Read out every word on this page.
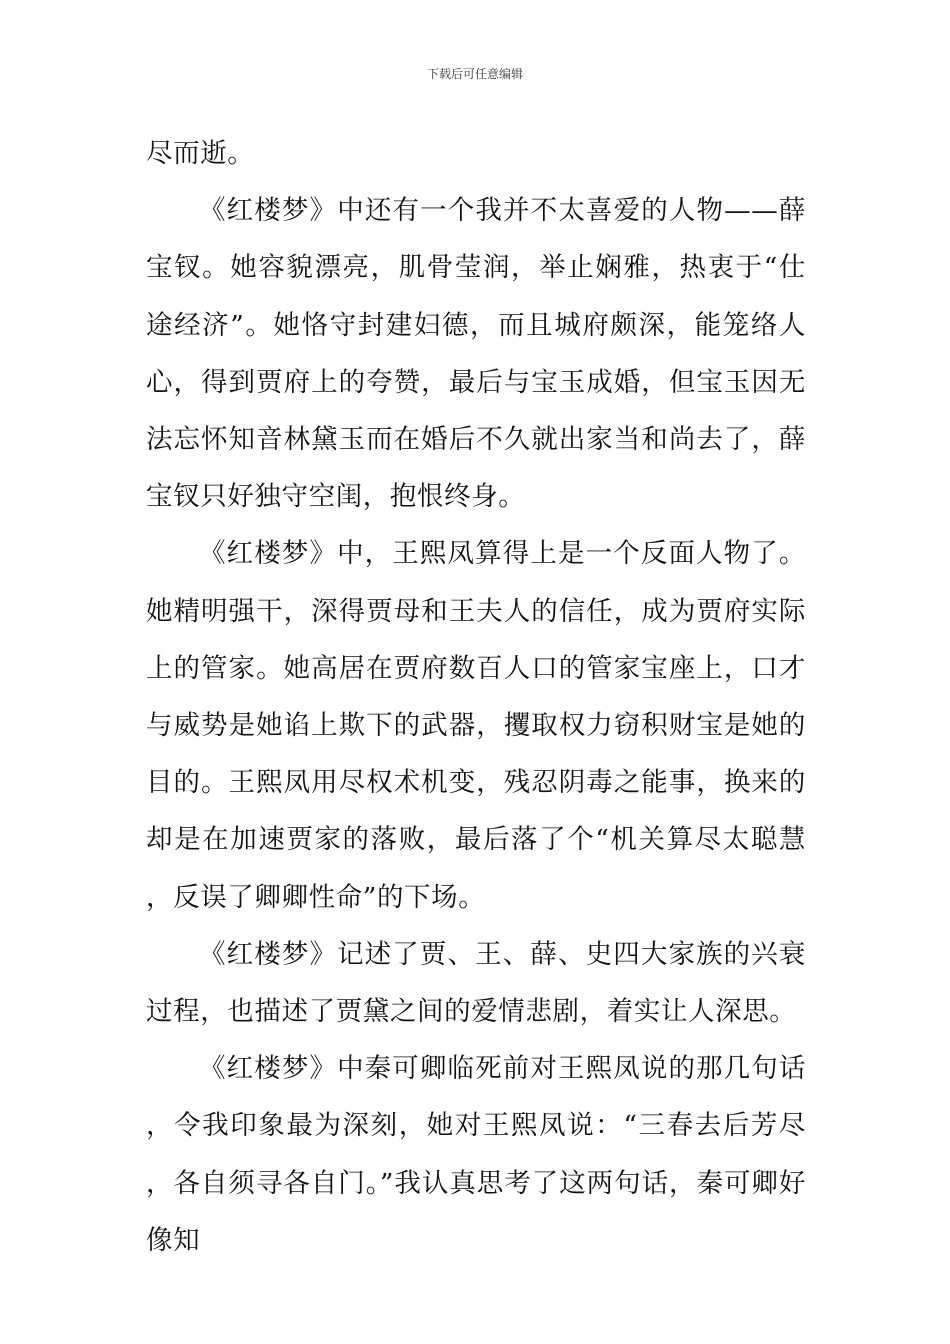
下载后可任意编辑

尽而逝。

《红楼梦》中还有一个我并不太喜爱的人物——薛宝钗。她容貌漂亮，肌骨莹润，举止娴雅，热衷于“仕途经济”。她恪守封建妇德，而且城府颇深，能笼络人心，得到贾府上的夸赞，最后与宝玉成婚，但宝玉因无法忘怀知音林黛玉而在婚后不久就出家当和尚去了，薛宝钗只好独守空闺，抱恨终身。

《红楼梦》中，王熙凤算得上是一个反面人物了。她精明强干，深得贾母和王夫人的信任，成为贾府实际上的管家。她高居在贾府数百人口的管家宝座上，口才与威势是她谄上欺下的武器，攫取权力窃积财宝是她的目的。王熙凤用尽权术机变，残忍阴毒之能事，换来的却是在加速贾家的落败，最后落了个“机关算尽太聪慧，反误了卿卿性命”的下场。

《红楼梦》记述了贾、王、薛、史四大家族的兴衰过程，也描述了贾黛之间的爱情悲剧，着实让人深思。

《红楼梦》中秦可卿临死前对王熙凤说的那几句话，令我印象最为深刻，她对王熙凤说：“三春去后芳尽，各自须寻各自门。”我认真思考了这两句话，秦可卿好像知
